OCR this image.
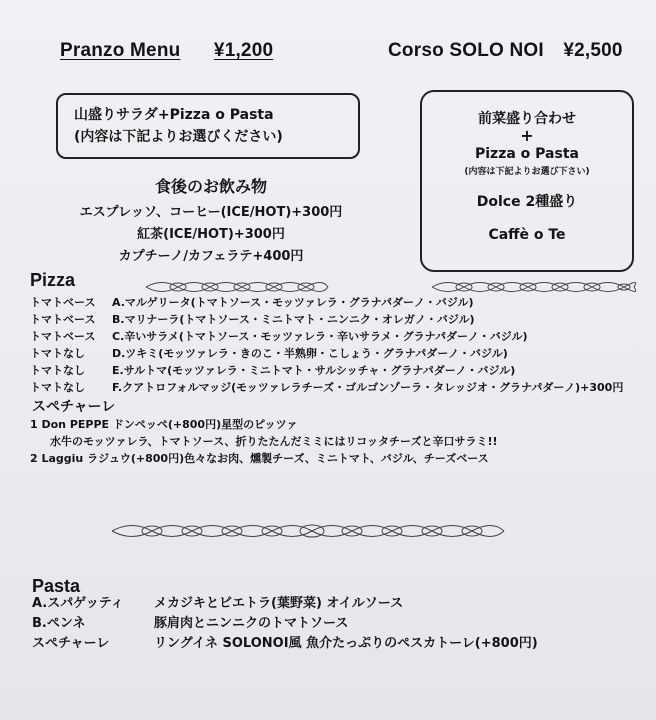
Pranzo Menu ¥1,200	Corso SOLO NOI ¥2,500
山盛りサラダ+Pizza o Pasta
(内容は下記よりお選びください)
前菜盛り合わせ
+
Pizza o Pasta
(内容は下記よりお選び下さい)
Dolce 2種盛り
Caffè o Te
食後のお飲み物
エスプレッソ、コーヒー(ICE/HOT)+300円
紅茶(ICE/HOT)+300円
カプチーノ/カフェラテ+400円
Pizza
トマトベース A.マルゲリータ(トマトソース・モッツァレラ・グラナパダーノ・バジル)
トマトベース B.マリナーラ(トマトソース・ミニトマト・ニンニク・オレガノ・バジル)
トマトベース C.辛いサラメ(トマトソース・モッツァレラ・辛いサラメ・グラナパダーノ・バジル)
トマトなし D.ツキミ(モッツァレラ・きのこ・半熟卵・こしょう・グラナパダーノ・バジル)
トマトなし E.サルトマ(モッツァレラ・ミニトマト・サルシッチャ・グラナパダーノ・バジル)
トマトなし F.クアトロフォルマッジ(モッツァレラチーズ・ゴルゴンゾーラ・タレッジオ・グラナパダーノ)+300円
スペチャーレ
1 Don PEPPE ドンペッペ(+800円)星型のピッツァ
水牛のモッツァレラ、トマトソース、折りたたんだミミにはリコッタチーズと辛口サラミ!!
2 Laggiu ラジュウ(+800円)色々なお肉、燻製チーズ、ミニトマト、バジル、チーズベース
Pasta
A.スパゲッティ メカジキとビエトラ(葉野菜) オイルソース
B.ペンネ	豚肩肉とニンニクのトマトソース
スペチャーレ	リングイネ SOLONOI風 魚介たっぷりのペスカトーレ(+800円)
